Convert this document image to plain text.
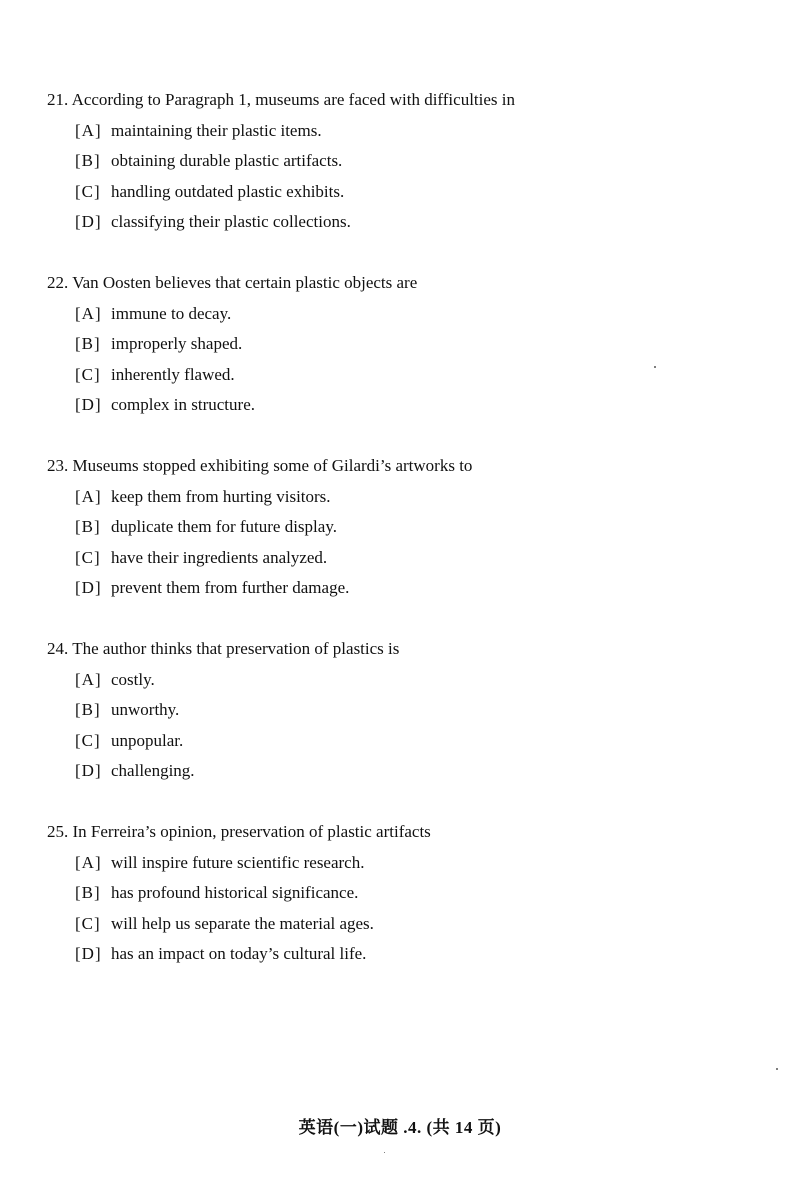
21. According to Paragraph 1, museums are faced with difficulties in

[A] maintaining their plastic items.
[B] obtaining durable plastic artifacts.
[C] handling outdated plastic exhibits.
[D] classifying their plastic collections.

22. Van Oosten believes that certain plastic objects are

[A] immune to decay.
[B] improperly shaped.
[C] inherently flawed.
[D] complex in structure.

23. Museums stopped exhibiting some of Gilardi’s artworks to

[A] keep them from hurting visitors.
[B] duplicate them for future display.
[C] have their ingredients analyzed.
[D] prevent them from further damage.

24. The author thinks that preservation of plastics is

[A] costly.
[B] unworthy.
[C] unpopular.
[D] challenging.

25. In Ferreira’s opinion, preservation of plastic artifacts

[A] will inspire future scientific research.
[B] has profound historical significance.
[C] will help us separate the material ages.
[D] has an impact on today’s cultural life.
英语(一)试题 .4. (共 14 页)
